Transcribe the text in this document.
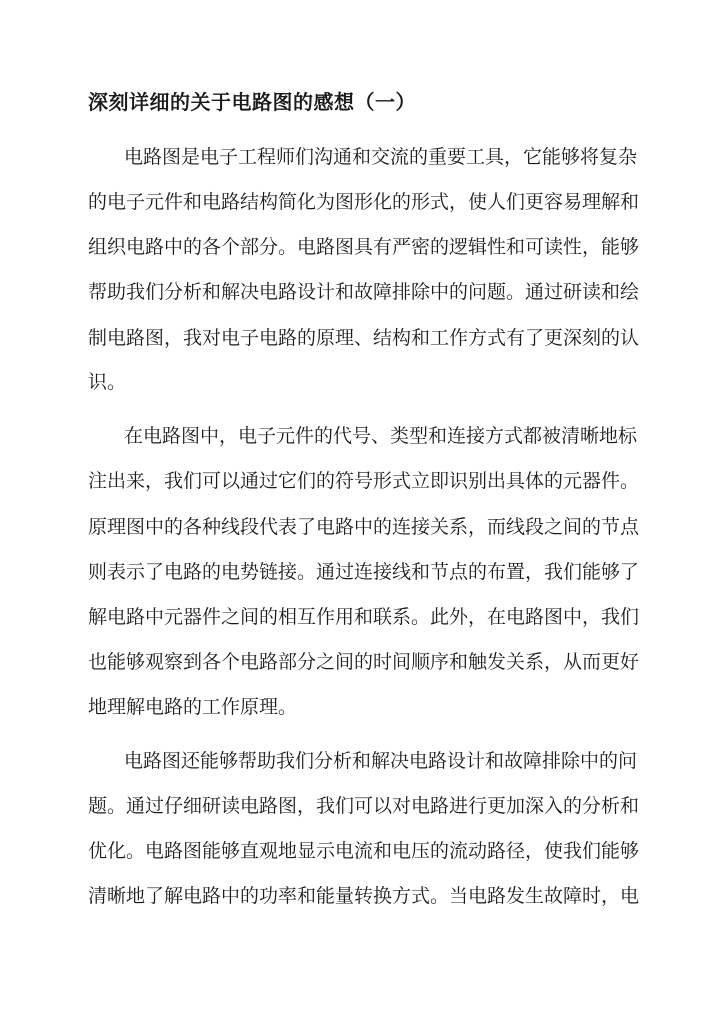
深刻详细的关于电路图的感想（一）
电路图是电子工程师们沟通和交流的重要工具，它能够将复杂
的电子元件和电路结构简化为图形化的形式，使人们更容易理解和
组织电路中的各个部分。电路图具有严密的逻辑性和可读性，能够
帮助我们分析和解决电路设计和故障排除中的问题。通过研读和绘
制电路图，我对电子电路的原理、结构和工作方式有了更深刻的认
识。
在电路图中，电子元件的代号、类型和连接方式都被清晰地标
注出来，我们可以通过它们的符号形式立即识别出具体的元器件。
原理图中的各种线段代表了电路中的连接关系，而线段之间的节点
则表示了电路的电势链接。通过连接线和节点的布置，我们能够了
解电路中元器件之间的相互作用和联系。此外，在电路图中，我们
也能够观察到各个电路部分之间的时间顺序和触发关系，从而更好
地理解电路的工作原理。
电路图还能够帮助我们分析和解决电路设计和故障排除中的问
题。通过仔细研读电路图，我们可以对电路进行更加深入的分析和
优化。电路图能够直观地显示电流和电压的流动路径，使我们能够
清晰地了解电路中的功率和能量转换方式。当电路发生故障时，电
